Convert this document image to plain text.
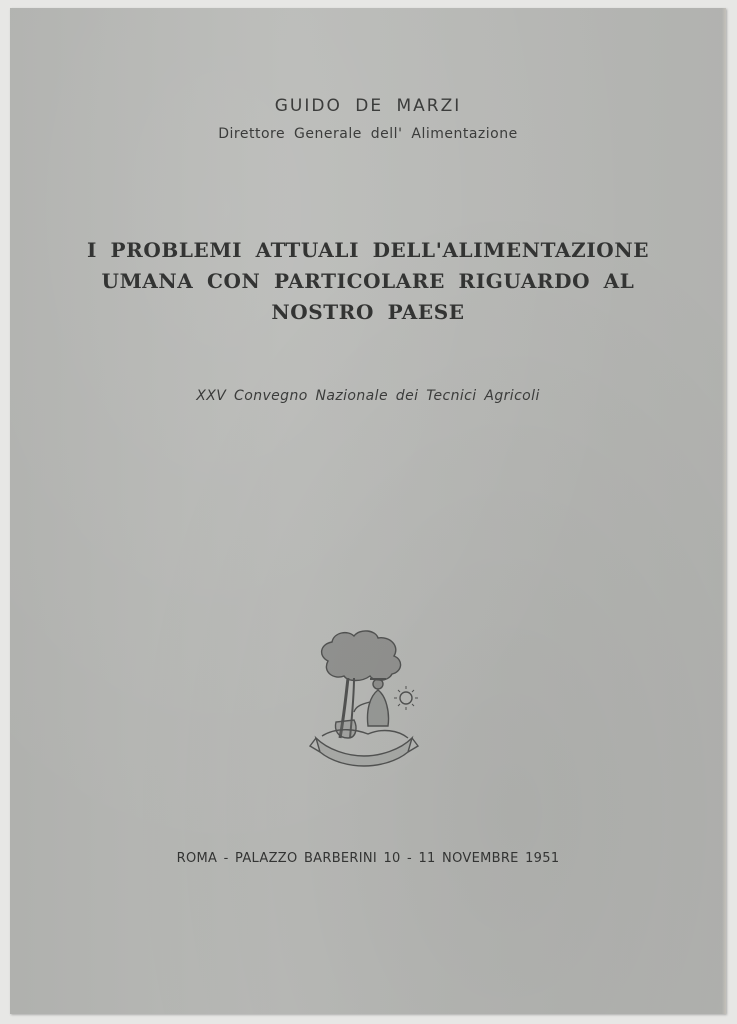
GUIDO DE MARZI
Direttore Generale dell' Alimentazione
I PROBLEMI ATTUALI DELL'ALIMENTAZIONE
UMANA CON PARTICOLARE RIGUARDO AL
NOSTRO PAESE
XXV Convegno Nazionale dei Tecnici Agricoli
ROMA - PALAZZO BARBERINI 10 - 11 NOVEMBRE 1951
